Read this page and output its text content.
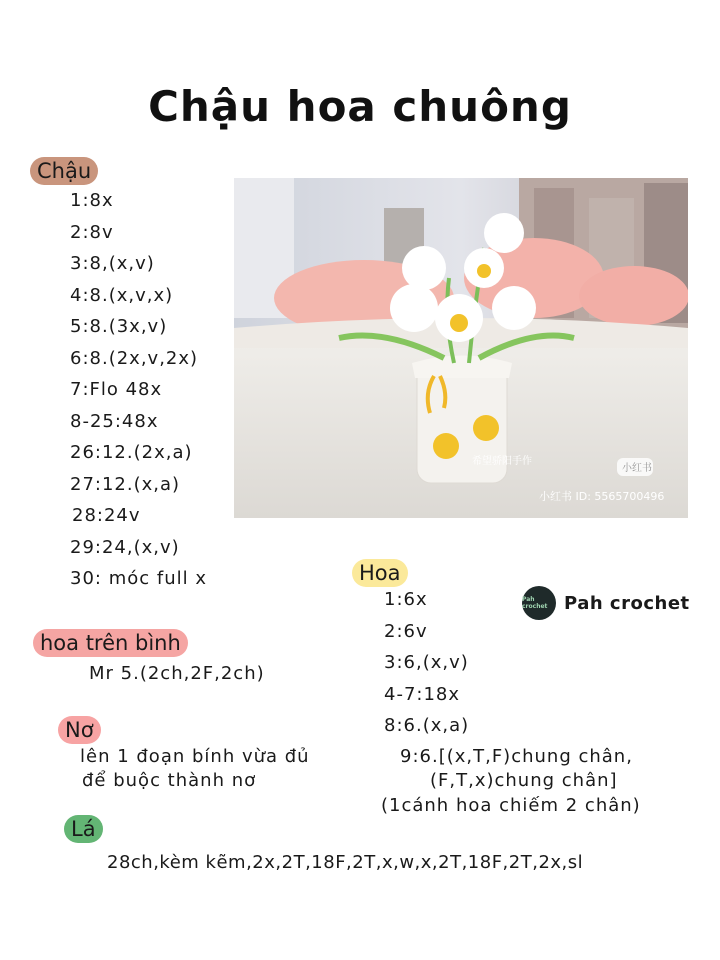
Chậu hoa chuông
Chậu
1:8x
2:8v
3:8,(x,v)
4:8.(x,v,x)
5:8.(3x,v)
6:8.(2x,v,2x)
7:Flo 48x
8-25:48x
26:12.(2x,a)
27:12.(x,a)
28:24v
29:24,(x,v)
30: móc full x
希望骄阳手作
小红书
小红书 ID: 5565700496
Hoa
1:6x
2:6v
3:6,(x,v)
4-7:18x
8:6.(x,a)
9:6.[(x,T,F)chung chân,
(F,T,x)chung chân]
(1cánh hoa chiếm 2 chân)
Pah crochet Pah crochet
hoa trên bình
Mr 5.(2ch,2F,2ch)
Nơ
lên 1 đoạn bính vừa đủ
để buộc thành nơ
Lá
28ch,kèm kẽm,2x,2T,18F,2T,x,w,x,2T,18F,2T,2x,sl
